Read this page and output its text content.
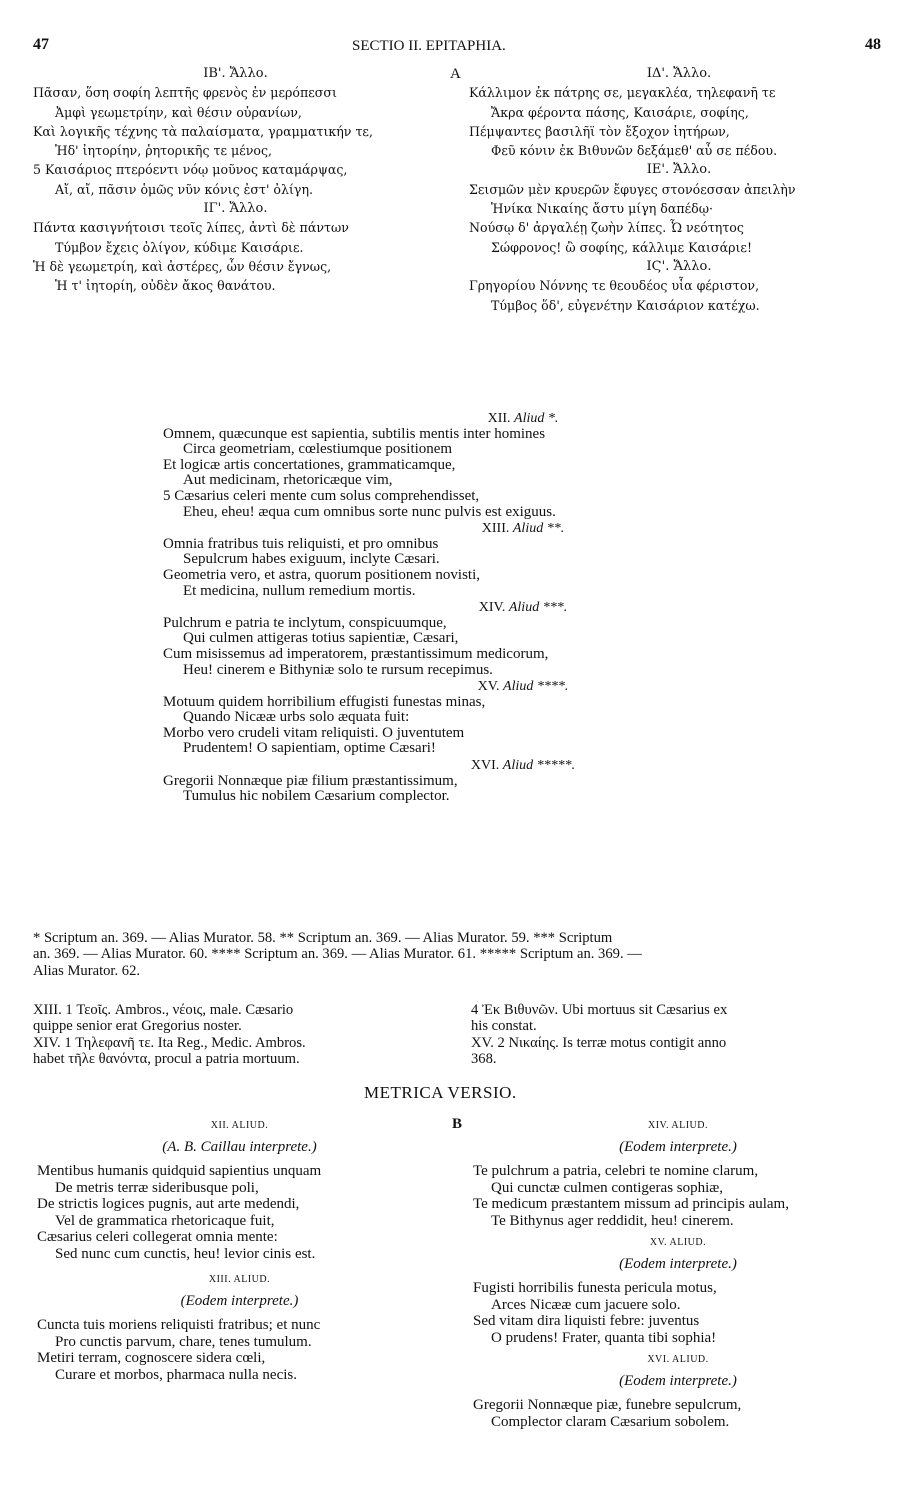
47	SECTIO II. EPITAPHIA.	48
ΙΒ'. Ἄλλο.
Πᾶσαν, ὅση σοφίη λεπτῆς φρενὸς ἐν μερόπεσσι
Ἀμφὶ γεωμετρίην, καὶ θέσιν οὐρανίων,
Καὶ λογικῆς τέχνης τὰ παλαίσματα, γραμματικήν τε,
Ἠδ' ἰητορίην, ῥητορικῆς τε μένος,
5 Καισάριος πτερόεντι νόῳ μοῦνος καταμάρψας,
Αἴ, αἴ, πᾶσιν ὁμῶς νῦν κόνις ἐστ' ὀλίγη.
ΙΓ'. Ἄλλο.
Πάντα κασιγνήτοισι τεοῖς λίπες, ἀντὶ δὲ πάντων
Τύμβον ἔχεις ὀλίγον, κύδιμε Καισάριε.
Ἡ δὲ γεωμετρίη, καὶ ἀστέρες, ὧν θέσιν ἔγνως,
Ἡ τ' ἰητορίη, οὐδὲν ἄκος θανάτου.
A	ΙΔ'. Ἄλλο.
Κάλλιμον ἐκ πάτρης σε, μεγακλέα, τηλεφανῆ τε
Ἄκρα φέροντα πάσης, Καισάριε, σοφίης,
Πέμψαντες βασιλῆϊ τὸν ἔξοχον ἰητήρων,
Φεῦ κόνιν ἐκ Βιθυνῶν δεξάμεθ' αὖ σε πέδου.
ΙΕ'. Ἄλλο.
Σεισμῶν μὲν κρυερῶν ἔφυγες στονόεσσαν ἀπειλὴν
Ἡνίκα Νικαίης ἄστυ μίγη δαπέδῳ·
Νούσῳ δ' ἀργαλέῃ ζωὴν λίπες. Ὦ νεότητος
Σώφρονος! ὢ σοφίης, κάλλιμε Καισάριε!
ΙϚ'. Ἄλλο.
Γρηγορίου Νόννης τε θεουδέος υἷα φέριστον,
Τύμβος ὅδ', εὐγενέτην Καισάριον κατέχω.
XII. Aliud *.
Omnem, quæcunque est sapientia, subtilis mentis inter homines
Circa geometriam, cœlestiumque positionem
Et logicæ artis concertationes, grammaticamque,
Aut medicinam, rhetoricæque vim,
5 Cæsarius celeri mente cum solus comprehendisset,
Eheu, eheu! æqua cum omnibus sorte nunc pulvis est exiguus.
XIII. Aliud **.
Omnia fratribus tuis reliquisti, et pro omnibus
Sepulcrum habes exiguum, inclyte Cæsari.
Geometria vero, et astra, quorum positionem novisti,
Et medicina, nullum remedium mortis.
XIV. Aliud ***.
Pulchrum e patria te inclytum, conspicuumque,
Qui culmen attigeras totius sapientiæ, Cæsari,
Cum misissemus ad imperatorem, præstantissimum medicorum,
Heu! cinerem e Bithyniæ solo te rursum recepimus.
XV. Aliud ****.
Motuum quidem horribilium effugisti funestas minas,
Quando Nicææ urbs solo æquata fuit:
Morbo vero crudeli vitam reliquisti. O juventutem
Prudentem! O sapientiam, optime Cæsari!
XVI. Aliud *****.
Gregorii Nonnæque piæ filium præstantissimum,
Tumulus hic nobilem Cæsarium complector.
* Scriptum an. 369. — Alias Murator. 58. ** Scriptum an. 369. — Alias Murator. 59. *** Scriptum
an. 369. — Alias Murator. 60. **** Scriptum an. 369. — Alias Murator. 61. ***** Scriptum an. 369. —
Alias Murator. 62.
XIII. 1 Τεοῖς. Ambros., νέοις, male. Cæsario
quippe senior erat Gregorius noster.
XIV. 1 Τηλεφανῆ τε. Ita Reg., Medic. Ambros.
habet τῆλε θανόντα, procul a patria mortuum.
4 Ἐκ Βιθυνῶν. Ubi mortuus sit Cæsarius ex
his constat.
XV. 2 Νικαίης. Is terræ motus contigit anno
368.
METRICA VERSIO.
B
XII. ALIUD.
(A. B. Caillau interprete.)
Mentibus humanis quidquid sapientius unquam
De metris terræ sideribusque poli,
De strictis logices pugnis, aut arte medendi,
Vel de grammatica rhetoricaque fuit,
Cæsarius celeri collegerat omnia mente:
Sed nunc cum cunctis, heu! levior cinis est.
XIII. ALIUD.
(Eodem interprete.)
Cuncta tuis moriens reliquisti fratribus; et nunc
Pro cunctis parvum, chare, tenes tumulum.
Metiri terram, cognoscere sidera cœli,
Curare et morbos, pharmaca nulla necis.
XIV. ALIUD.
(Eodem interprete.)
Te pulchrum a patria, celebri te nomine clarum,
Qui cunctæ culmen contigeras sophiæ,
Te medicum præstantem missum ad principis aulam,
Te Bithynus ager reddidit, heu! cinerem.
XV. ALIUD.
(Eodem interprete.)
Fugisti horribilis funesta pericula motus,
Arces Nicææ cum jacuere solo.
Sed vitam dira liquisti febre: juventus
O prudens! Frater, quanta tibi sophia!
XVI. ALIUD.
(Eodem interprete.)
Gregorii Nonnæque piæ, funebre sepulcrum,
Complector claram Cæsarium sobolem.
